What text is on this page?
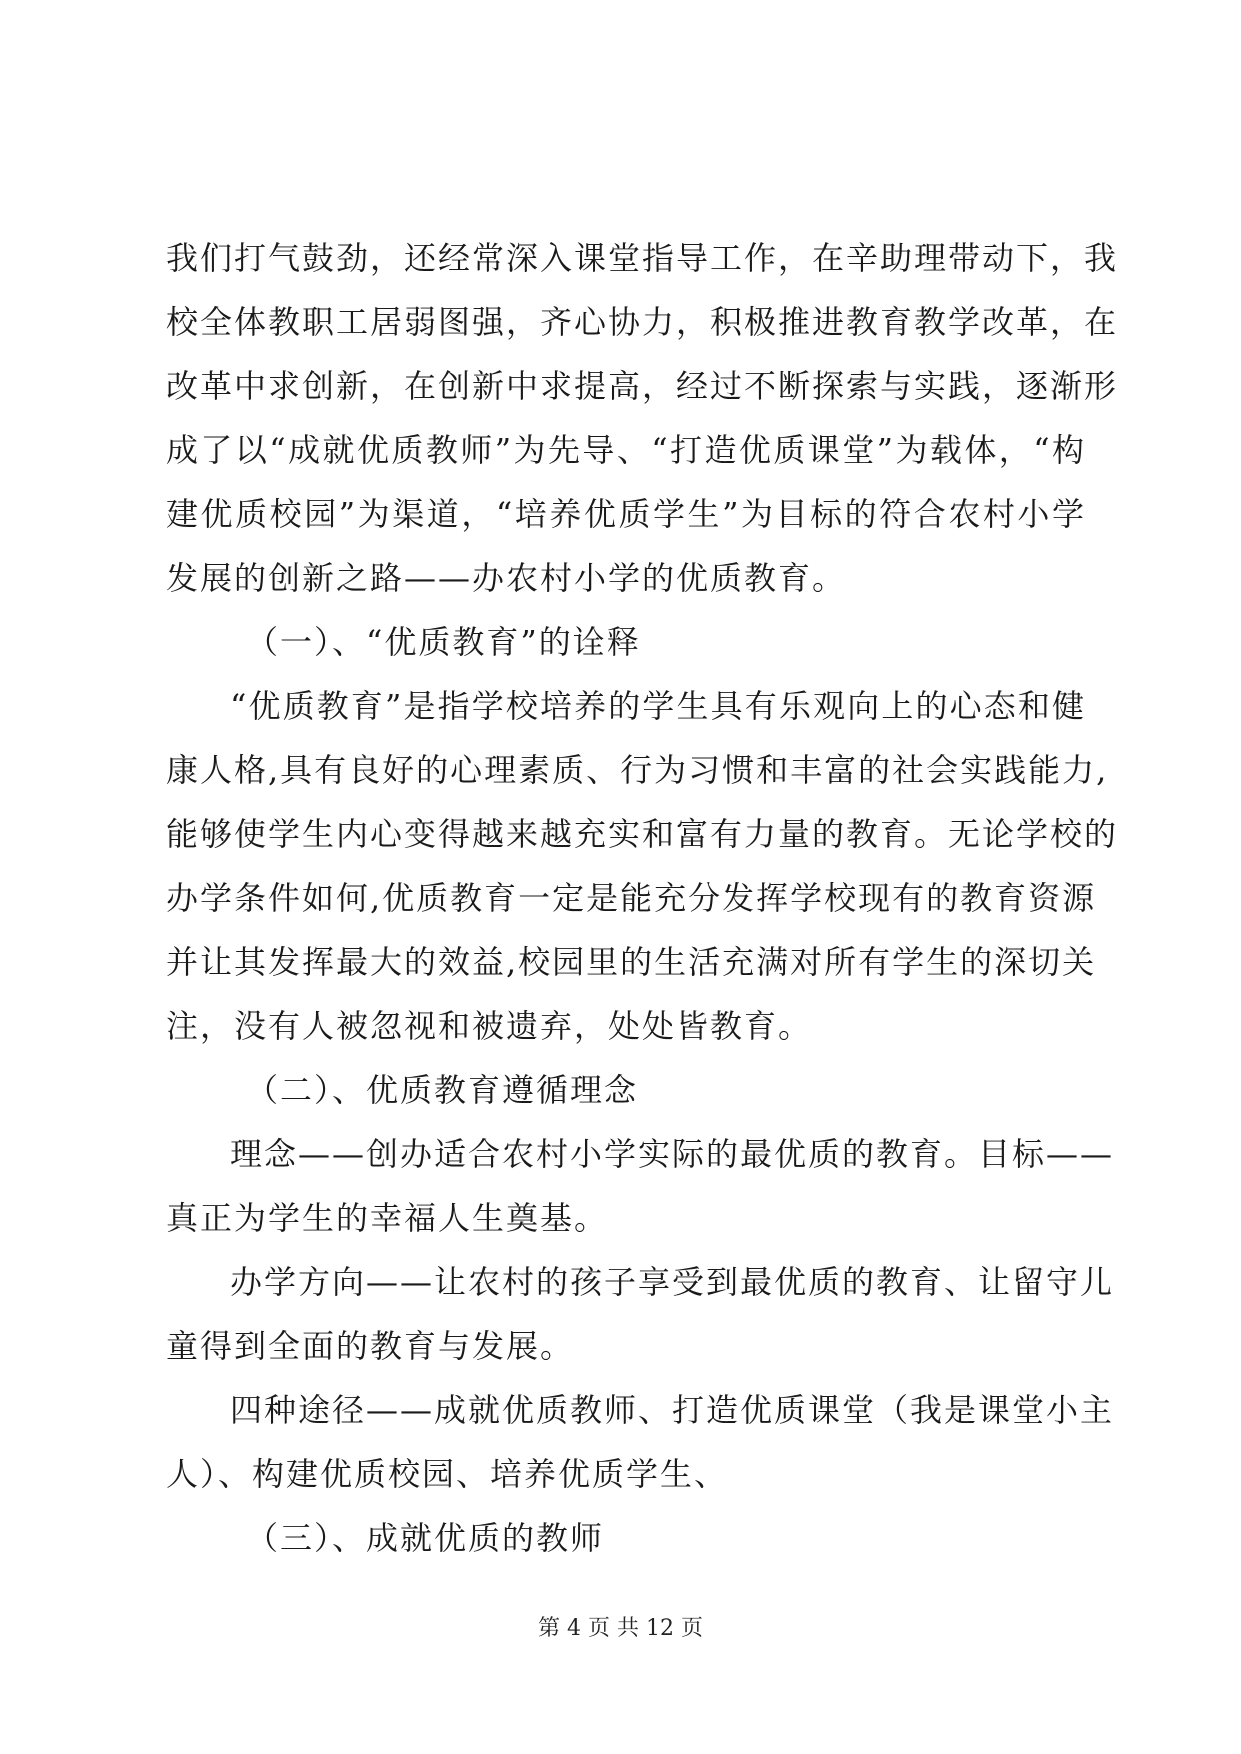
我们打气鼓劲，还经常深入课堂指导工作，在辛助理带动下，我
校全体教职工居弱图强，齐心协力，积极推进教育教学改革，在
改革中求创新，在创新中求提高，经过不断探索与实践，逐渐形
成了以“成就优质教师”为先导、“打造优质课堂”为载体，“构
建优质校园”为渠道，“培养优质学生”为目标的符合农村小学
发展的创新之路——办农村小学的优质教育。
（一）、“优质教育”的诠释
“优质教育”是指学校培养的学生具有乐观向上的心态和健
康人格,具有良好的心理素质、行为习惯和丰富的社会实践能力,
能够使学生内心变得越来越充实和富有力量的教育。无论学校的
办学条件如何,优质教育一定是能充分发挥学校现有的教育资源
并让其发挥最大的效益,校园里的生活充满对所有学生的深切关
注，没有人被忽视和被遗弃，处处皆教育。
（二）、优质教育遵循理念
理念——创办适合农村小学实际的最优质的教育。目标——
真正为学生的幸福人生奠基。
办学方向——让农村的孩子享受到最优质的教育、让留守儿
童得到全面的教育与发展。
四种途径——成就优质教师、打造优质课堂（我是课堂小主
人）、构建优质校园、培养优质学生、
（三）、成就优质的教师
第 4 页 共 12 页
